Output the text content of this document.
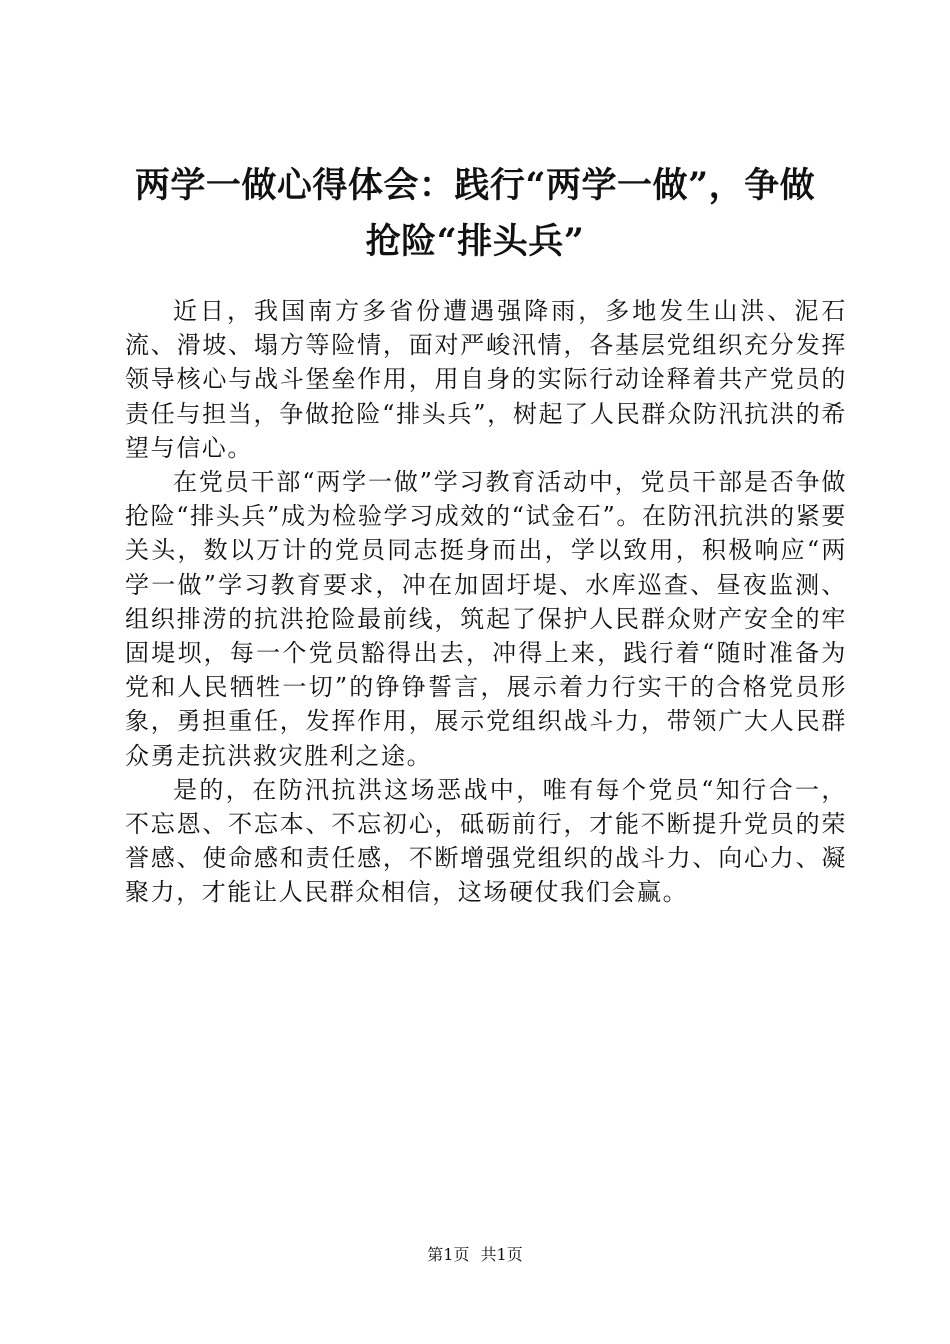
两学一做心得体会：践行“两学一做”，争做
抢险“排头兵”

近日，我国南方多省份遭遇强降雨，多地发生山洪、泥石流、滑坡、塌方等险情，面对严峻汛情，各基层党组织充分发挥领导核心与战斗堡垒作用，用自身的实际行动诠释着共产党员的责任与担当，争做抢险“排头兵”，树起了人民群众防汛抗洪的希望与信心。

在党员干部“两学一做”学习教育活动中，党员干部是否争做抢险“排头兵”成为检验学习成效的“试金石”。在防汛抗洪的紧要关头，数以万计的党员同志挺身而出，学以致用，积极响应“两学一做”学习教育要求，冲在加固圩堤、水库巡查、昼夜监测、组织排涝的抗洪抢险最前线，筑起了保护人民群众财产安全的牢固堤坝，每一个党员豁得出去，冲得上来，践行着“随时准备为党和人民牺牲一切”的铮铮誓言，展示着力行实干的合格党员形象，勇担重任，发挥作用，展示党组织战斗力，带领广大人民群众勇走抗洪救灾胜利之途。

是的，在防汛抗洪这场恶战中，唯有每个党员“知行合一，不忘恩、不忘本、不忘初心，砥砺前行，才能不断提升党员的荣誉感、使命感和责任感，不断增强党组织的战斗力、向心力、凝聚力，才能让人民群众相信，这场硬仗我们会赢。

第1页 共1页
